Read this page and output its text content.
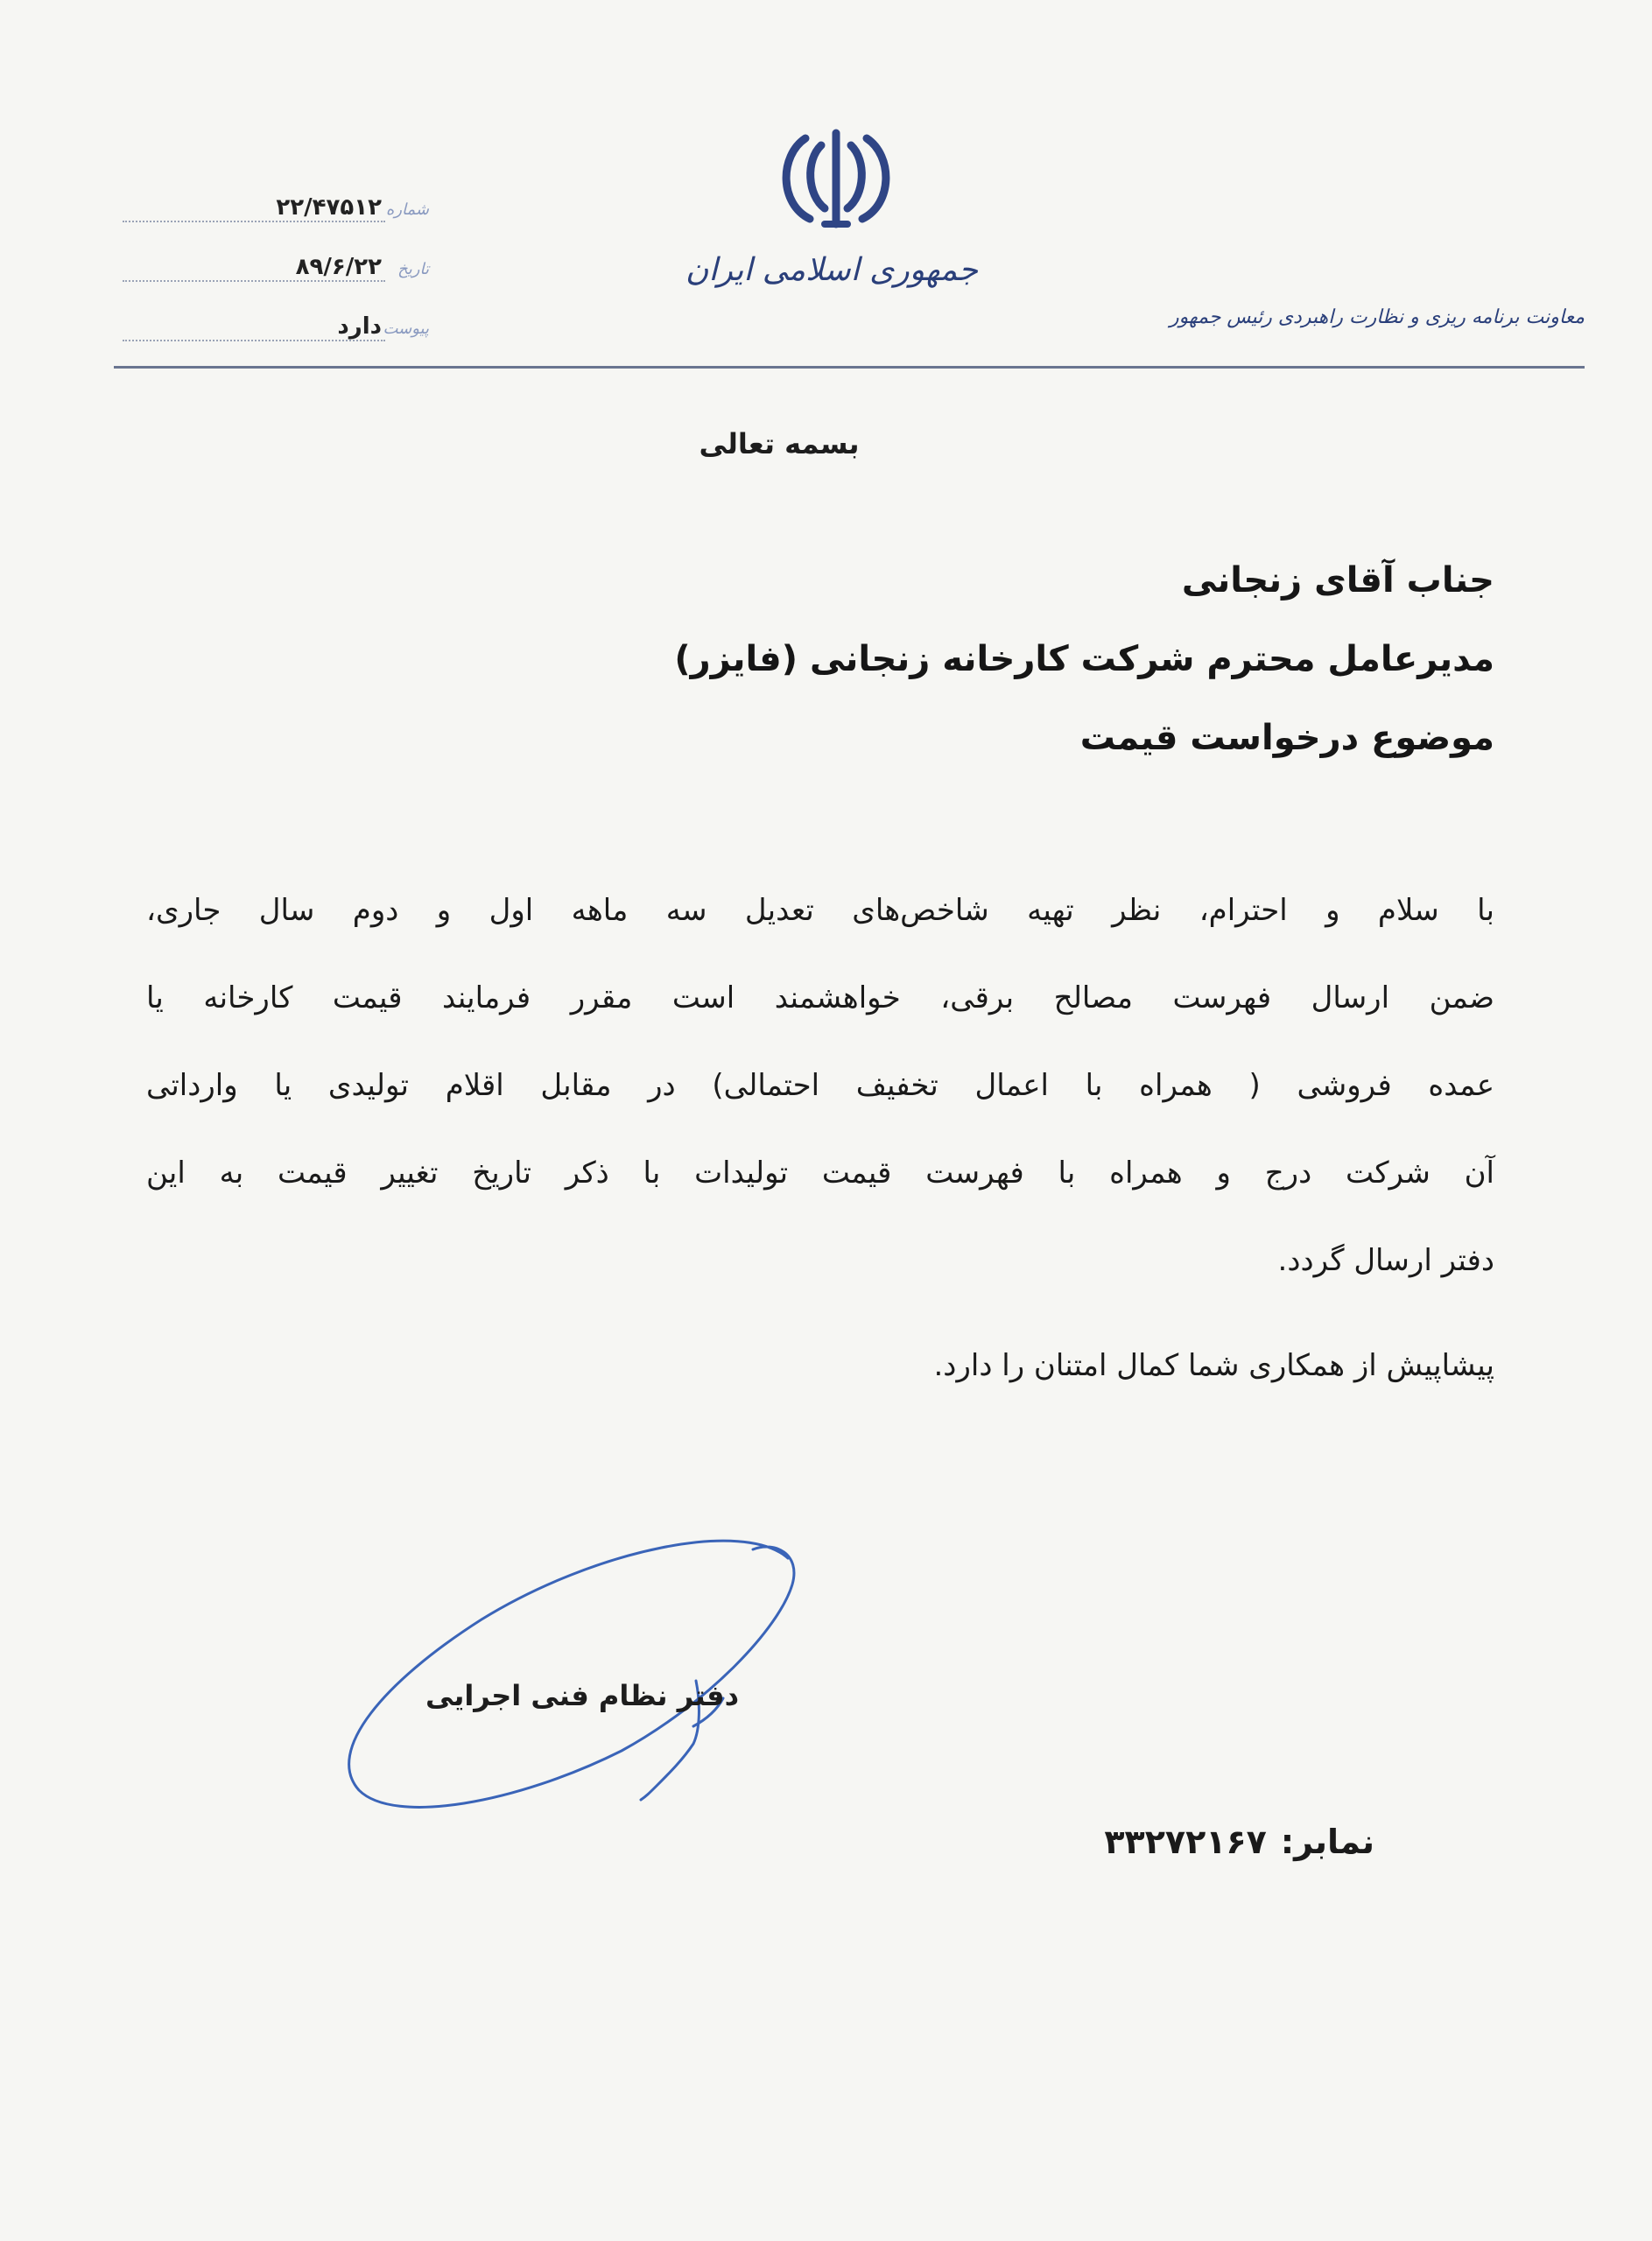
جمهوری اسلامی ایران
معاونت برنامه ریزی و نظارت راهبردی رئیس جمهور
شماره
۲۲/۴۷۵۱۲
تاریخ
۸۹/۶/۲۲
پیوست
دارد
بسمه تعالی
جناب آقای زنجانی
مدیرعامل محترم شرکت کارخانه زنجانی (فایزر)
موضوع درخواست قیمت
با سلام و احترام، نظر تهیه شاخص‌های تعدیل سه ماهه اول و دوم سال جاری،
ضمن ارسال فهرست مصالح برقی، خواهشمند است مقرر فرمایند قیمت کارخانه یا
عمده فروشی ( همراه با اعمال تخفیف احتمالی) در مقابل اقلام تولیدی یا وارداتی
آن شرکت درج و همراه با فهرست قیمت تولیدات با ذکر تاریخ تغییر قیمت به این
دفتر ارسال گردد.
پیشاپیش از همکاری شما کمال امتنان را دارد.
دفتر نظام فنی اجرایی
نمابر:
۳۳۲۷۲۱۶۷
